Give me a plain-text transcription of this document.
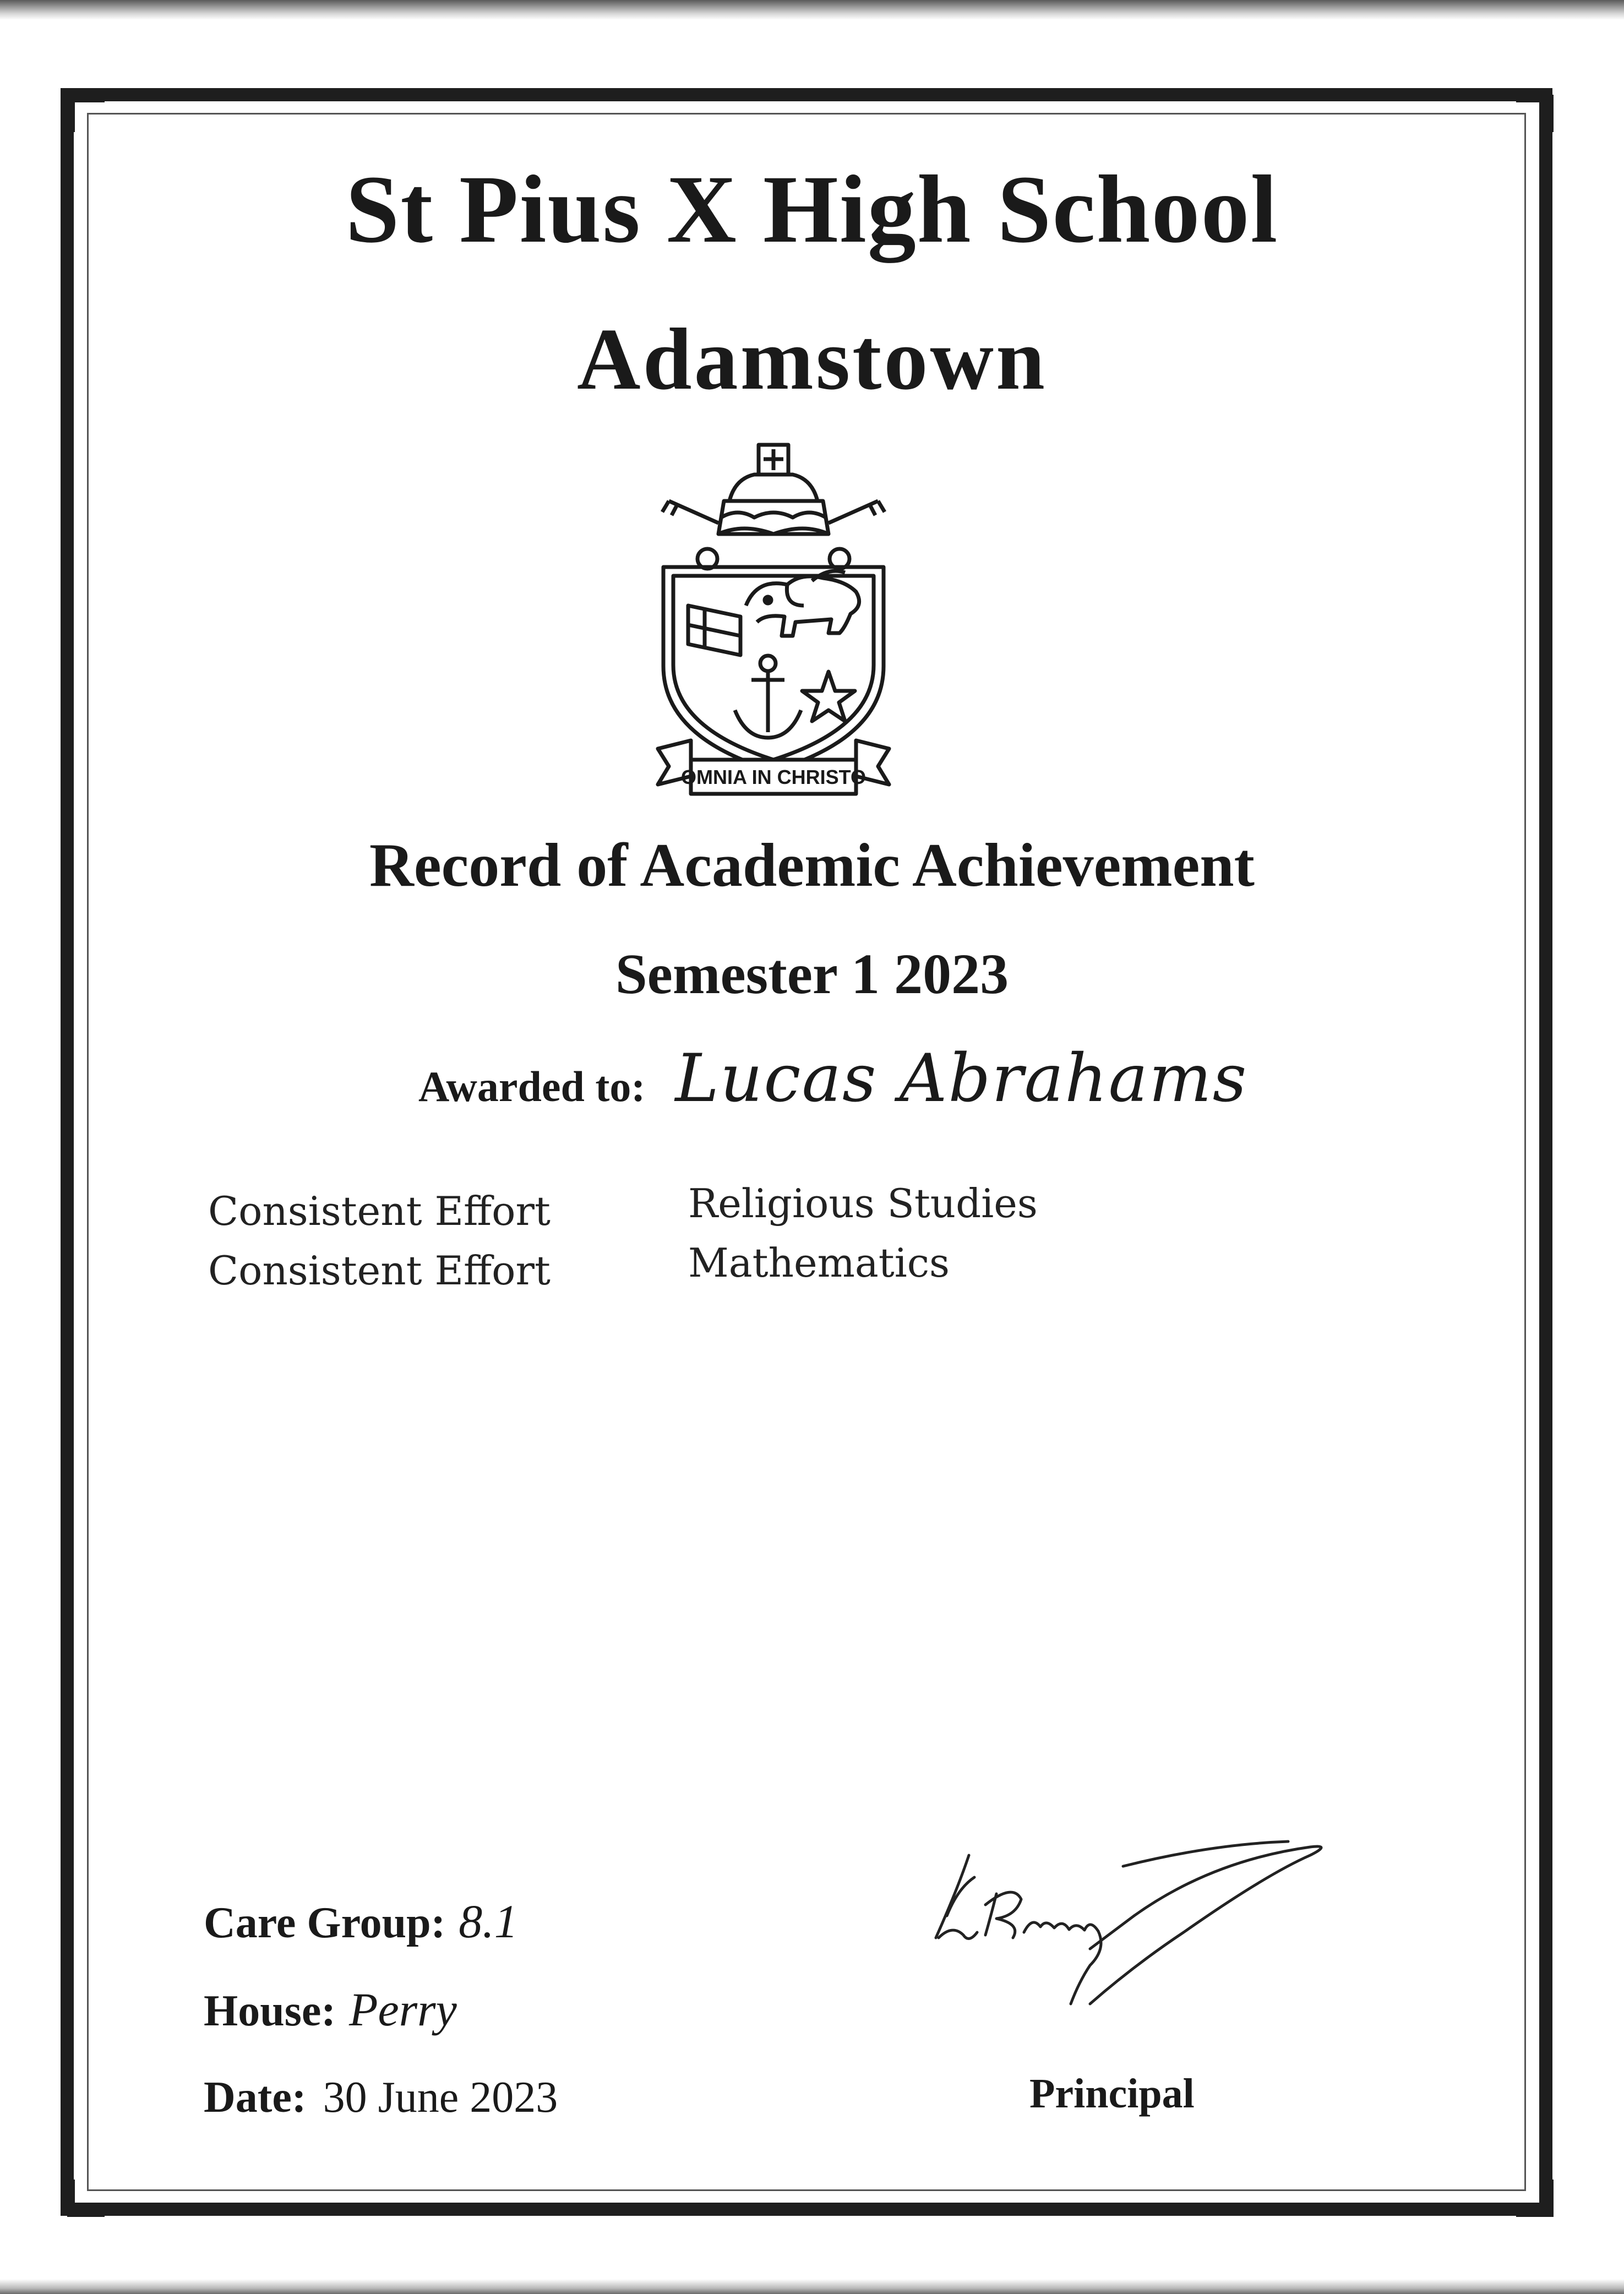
St Pius X High School
Adamstown
OMNIA IN CHRISTO
Record of Academic Achievement
Semester 1 2023
Awarded to: Lucas Abrahams
Consistent Effort	Religious Studies
Consistent Effort	Mathematics
Care Group: 8.1
House: Perry
Date: 30 June 2023	Principal
